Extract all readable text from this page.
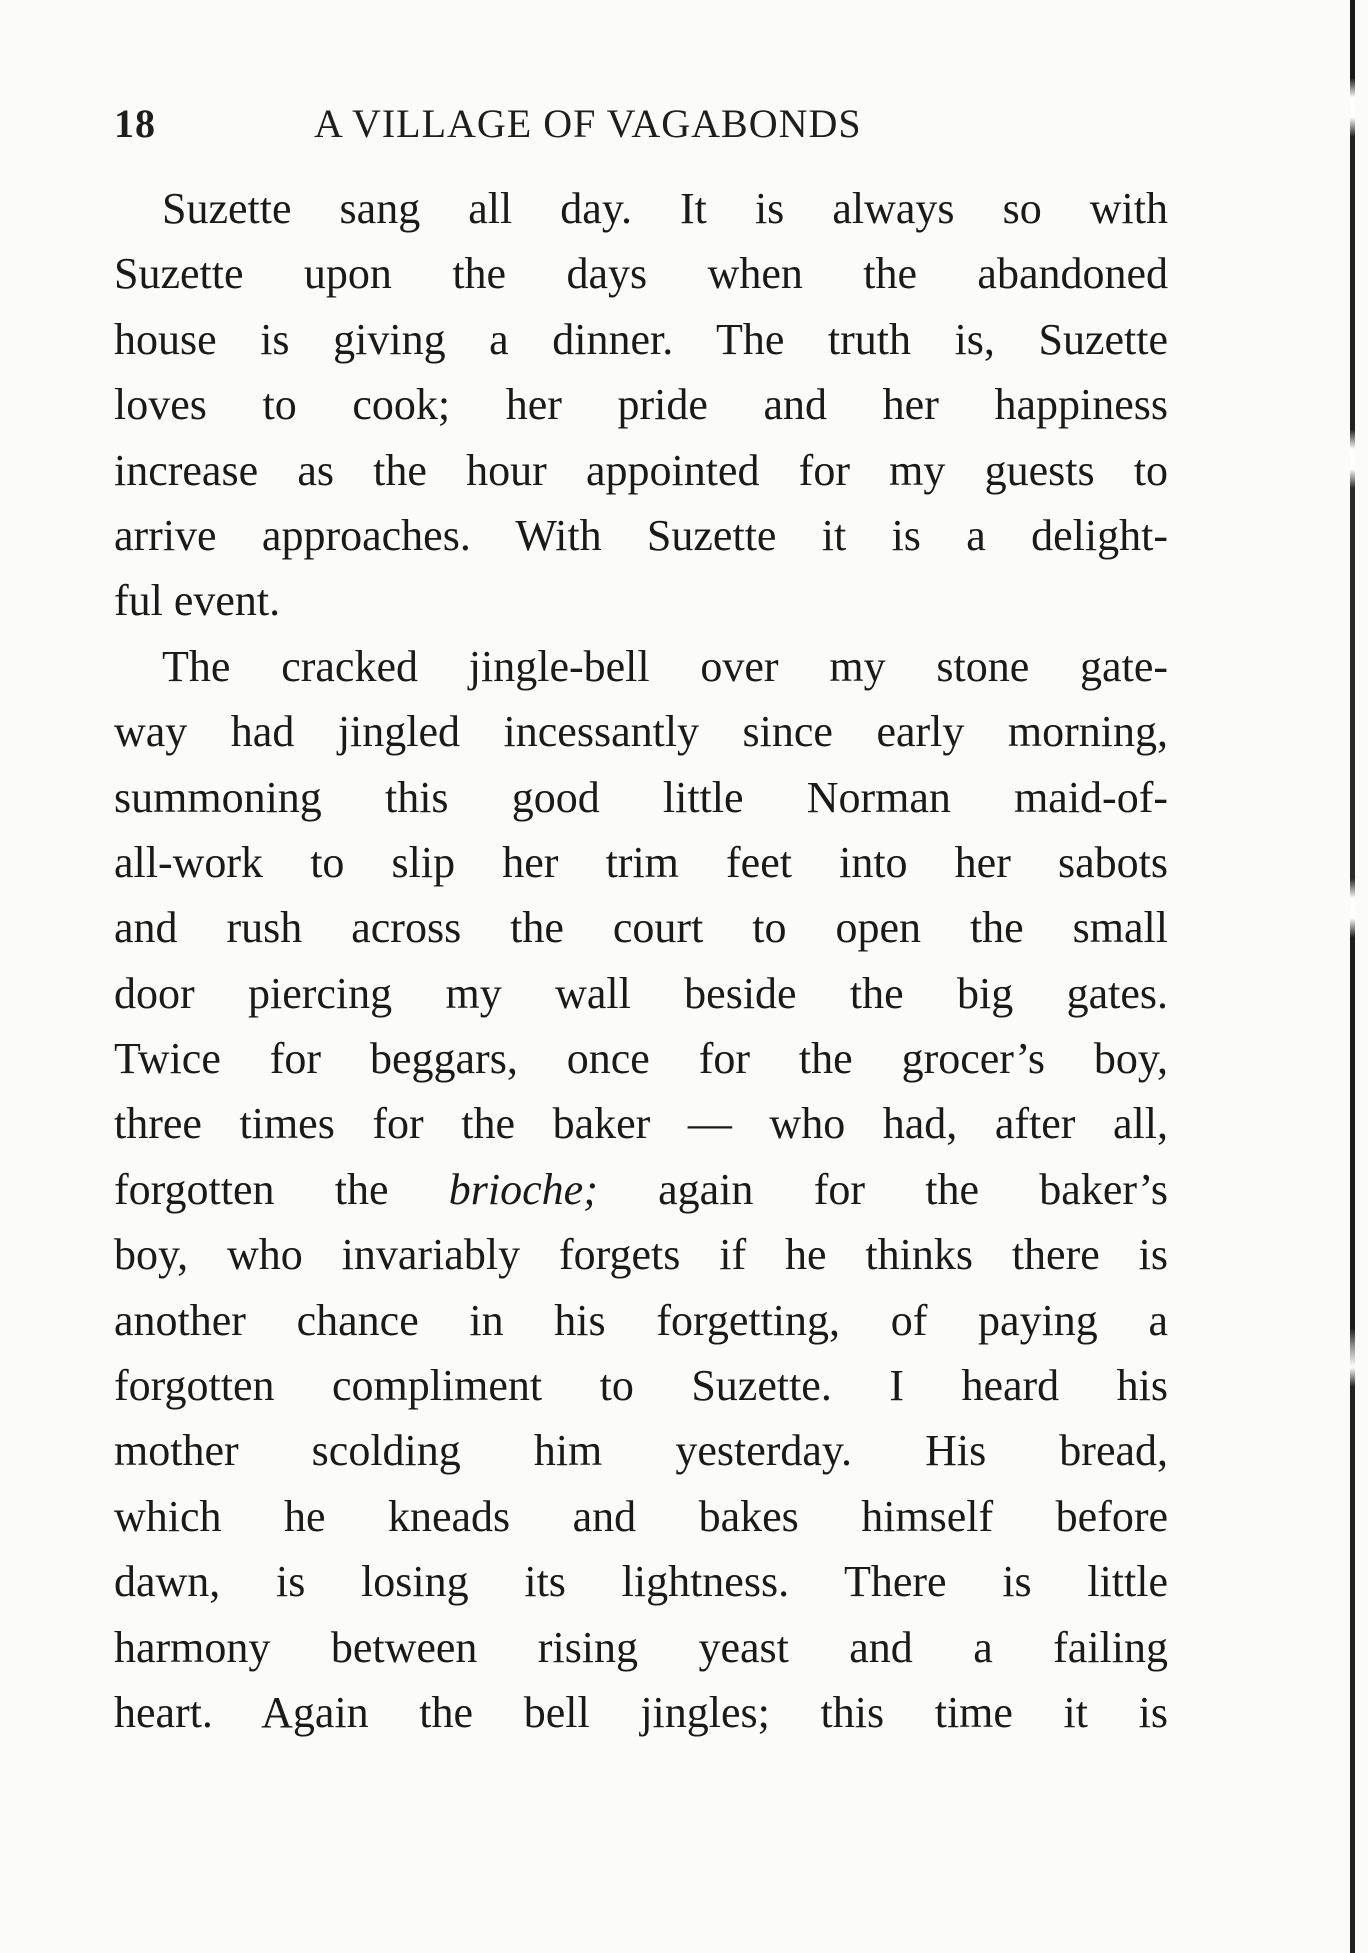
18	A VILLAGE OF VAGABONDS
Suzette sang all day. It is always so with
Suzette upon the days when the abandoned
house is giving a dinner. The truth is, Suzette
loves to cook; her pride and her happiness
increase as the hour appointed for my guests to
arrive approaches. With Suzette it is a delight-
ful event.
The cracked jingle-bell over my stone gate-
way had jingled incessantly since early morning,
summoning this good little Norman maid-of-
all-work to slip her trim feet into her sabots
and rush across the court to open the small
door piercing my wall beside the big gates.
Twice for beggars, once for the grocer’s boy,
three times for the baker — who had, after all,
forgotten the brioche; again for the baker’s
boy, who invariably forgets if he thinks there is
another chance in his forgetting, of paying a
forgotten compliment to Suzette. I heard his
mother scolding him yesterday. His bread,
which he kneads and bakes himself before
dawn, is losing its lightness. There is little
harmony between rising yeast and a failing
heart. Again the bell jingles; this time it is
